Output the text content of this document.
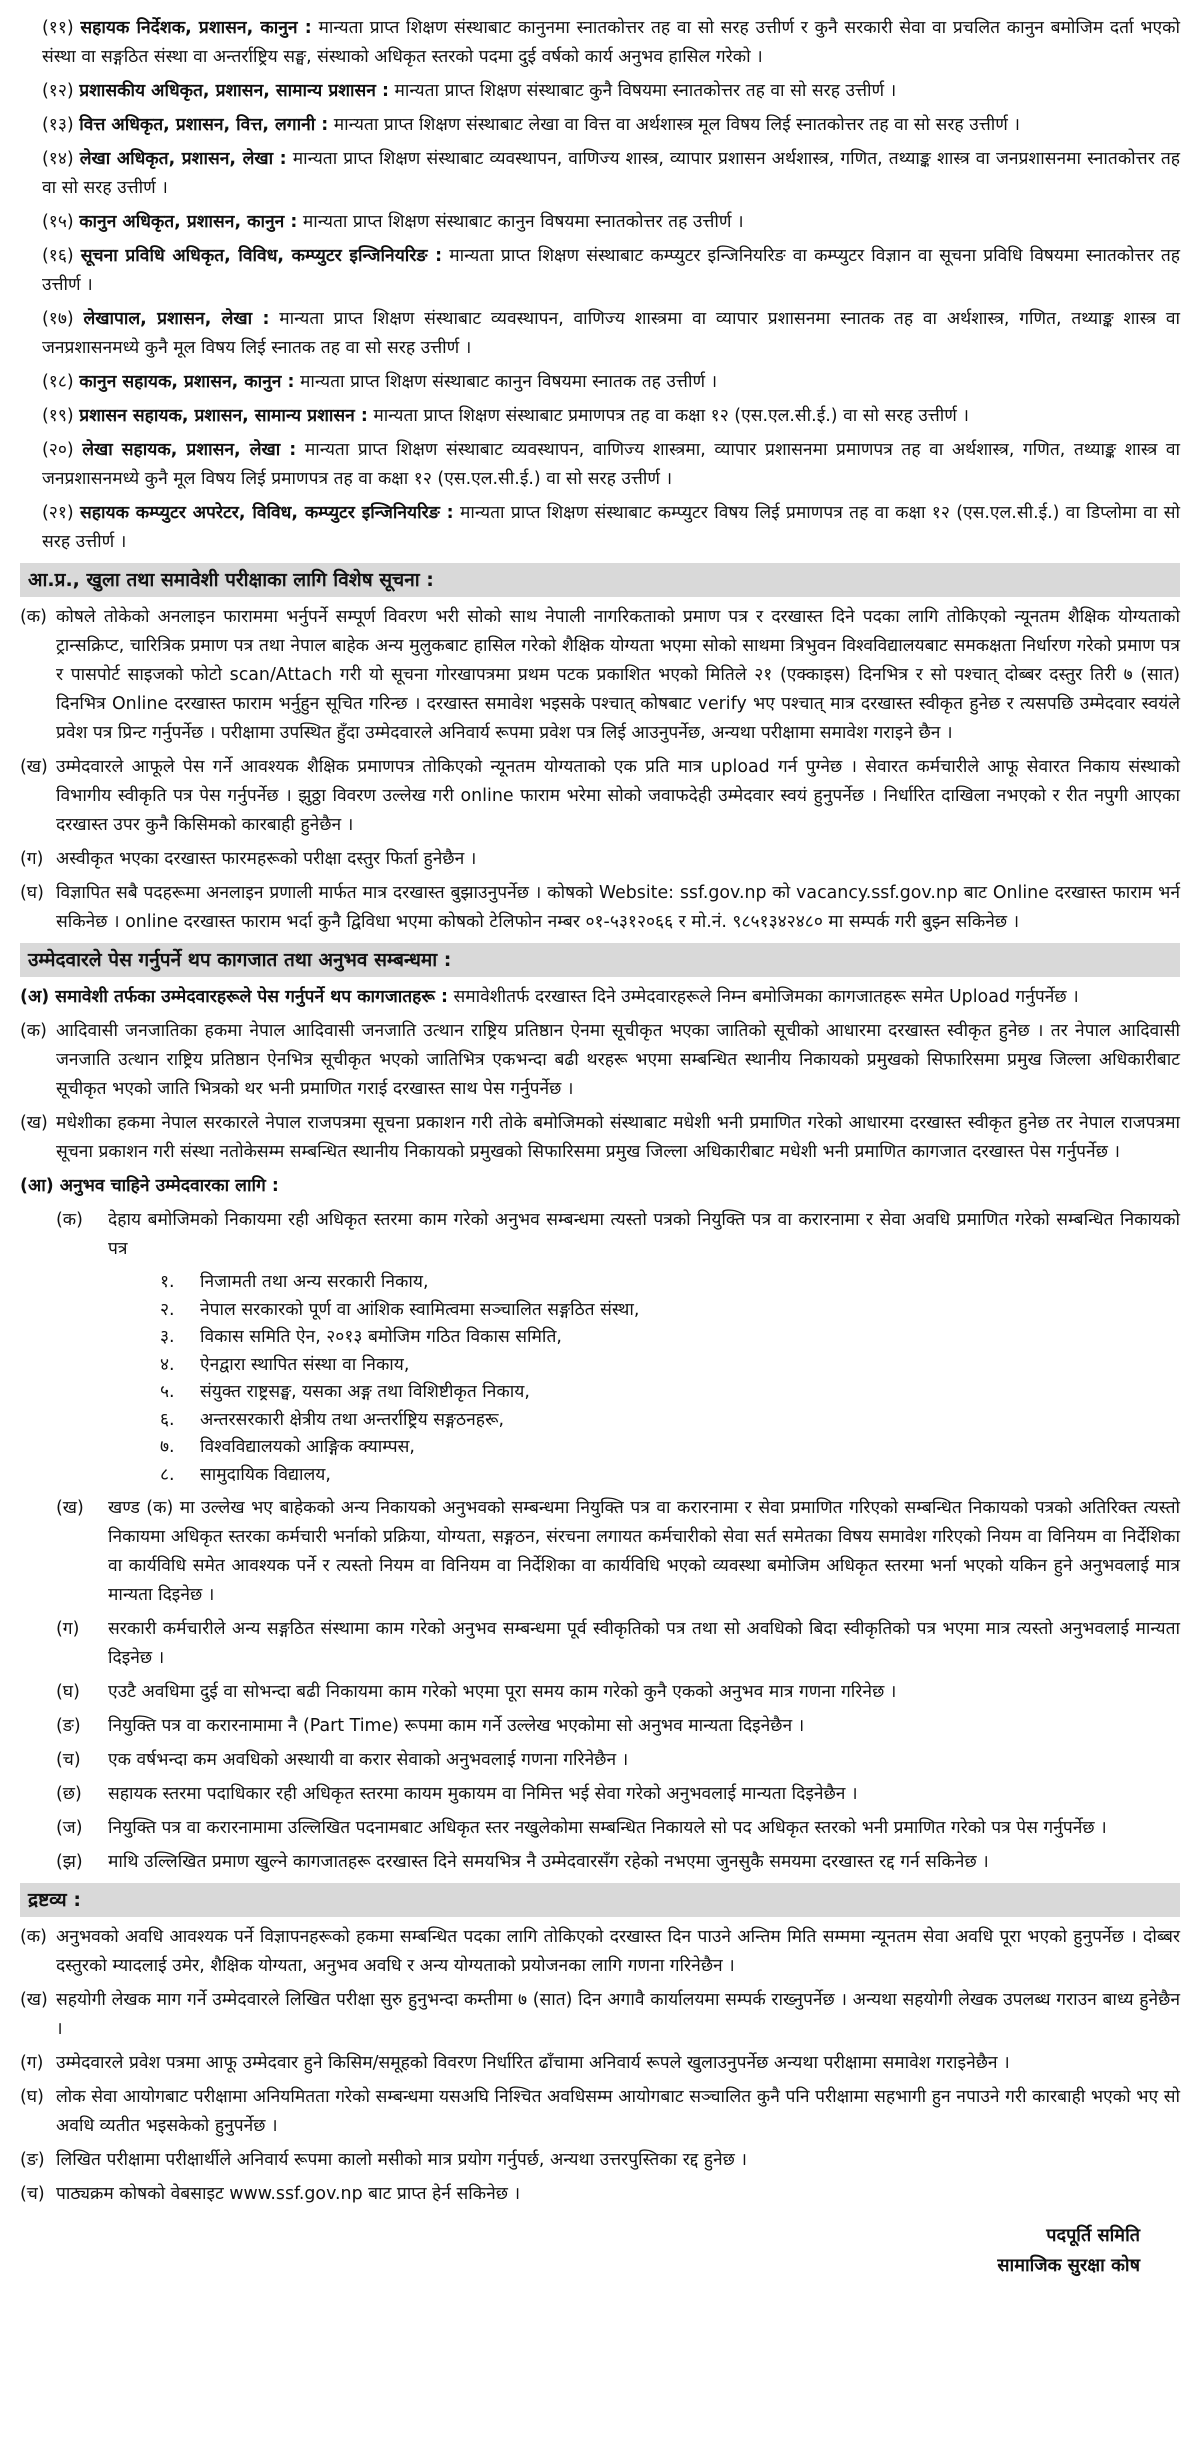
(११) सहायक निर्देशक, प्रशासन, कानुन : मान्यता प्राप्त शिक्षण संस्थाबाट कानुनमा स्नातकोत्तर तह वा सो सरह उत्तीर्ण र कुनै सरकारी सेवा वा प्रचलित कानुन बमोजिम दर्ता भएको संस्था वा सङ्गठित संस्था वा अन्तर्राष्ट्रिय सङ्घ, संस्थाको अधिकृत स्तरको पदमा दुई वर्षको कार्य अनुभव हासिल गरेको ।
(१२) प्रशासकीय अधिकृत, प्रशासन, सामान्य प्रशासन : मान्यता प्राप्त शिक्षण संस्थाबाट कुनै विषयमा स्नातकोत्तर तह वा सो सरह उत्तीर्ण ।
(१३) वित्त अधिकृत, प्रशासन, वित्त, लगानी : मान्यता प्राप्त शिक्षण संस्थाबाट लेखा वा वित्त वा अर्थशास्त्र मूल विषय लिई स्नातकोत्तर तह वा सो सरह उत्तीर्ण ।
(१४) लेखा अधिकृत, प्रशासन, लेखा : मान्यता प्राप्त शिक्षण संस्थाबाट व्यवस्थापन, वाणिज्य शास्त्र, व्यापार प्रशासन अर्थशास्त्र, गणित, तथ्याङ्क शास्त्र वा जनप्रशासनमा स्नातकोत्तर तह वा सो सरह उत्तीर्ण ।
(१५) कानुन अधिकृत, प्रशासन, कानुन : मान्यता प्राप्त शिक्षण संस्थाबाट कानुन विषयमा स्नातकोत्तर तह उत्तीर्ण ।
(१६) सूचना प्रविधि अधिकृत, विविध, कम्प्युटर इन्जिनियरिङ : मान्यता प्राप्त शिक्षण संस्थाबाट कम्प्युटर इन्जिनियरिङ वा कम्प्युटर विज्ञान वा सूचना प्रविधि विषयमा स्नातकोत्तर तह उत्तीर्ण ।
(१७) लेखापाल, प्रशासन, लेखा : मान्यता प्राप्त शिक्षण संस्थाबाट व्यवस्थापन, वाणिज्य शास्त्रमा वा व्यापार प्रशासनमा स्नातक तह वा अर्थशास्त्र, गणित, तथ्याङ्क शास्त्र वा जनप्रशासनमध्ये कुनै मूल विषय लिई स्नातक तह वा सो सरह उत्तीर्ण ।
(१८) कानुन सहायक, प्रशासन, कानुन : मान्यता प्राप्त शिक्षण संस्थाबाट कानुन विषयमा स्नातक तह उत्तीर्ण ।
(१९) प्रशासन सहायक, प्रशासन, सामान्य प्रशासन : मान्यता प्राप्त शिक्षण संस्थाबाट प्रमाणपत्र तह वा कक्षा १२ (एस.एल.सी.ई.) वा सो सरह उत्तीर्ण ।
(२०) लेखा सहायक, प्रशासन, लेखा : मान्यता प्राप्त शिक्षण संस्थाबाट व्यवस्थापन, वाणिज्य शास्त्रमा, व्यापार प्रशासनमा प्रमाणपत्र तह वा अर्थशास्त्र, गणित, तथ्याङ्क शास्त्र वा जनप्रशासनमध्ये कुनै मूल विषय लिई प्रमाणपत्र तह वा कक्षा १२ (एस.एल.सी.ई.) वा सो सरह उत्तीर्ण ।
(२१) सहायक कम्प्युटर अपरेटर, विविध, कम्प्युटर इन्जिनियरिङ : मान्यता प्राप्त शिक्षण संस्थाबाट कम्प्युटर विषय लिई प्रमाणपत्र तह वा कक्षा १२ (एस.एल.सी.ई.) वा डिप्लोमा वा सो सरह उत्तीर्ण ।
आ.प्र., खुला तथा समावेशी परीक्षाका लागि विशेष सूचना :
(क) कोषले तोकेको अनलाइन फाराममा भर्नुपर्ने सम्पूर्ण विवरण भरी सोको साथ नेपाली नागरिकताको प्रमाण पत्र र दरखास्त दिने पदका लागि तोकिएको न्यूनतम शैक्षिक योग्यताको ट्रान्सक्रिप्ट, चारित्रिक प्रमाण पत्र तथा नेपाल बाहेक अन्य मुलुकबाट हासिल गरेको शैक्षिक योग्यता भएमा सोको साथमा त्रिभुवन विश्वविद्यालयबाट समकक्षता निर्धारण गरेको प्रमाण पत्र र पासपोर्ट साइजको फोटो scan/Attach गरी यो सूचना गोरखापत्रमा प्रथम पटक प्रकाशित भएको मितिले २१ (एक्काइस) दिनभित्र र सो पश्चात् दोब्बर दस्तुर तिरी ७ (सात) दिनभित्र Online दरखास्त फाराम भर्नुहुन सूचित गरिन्छ । दरखास्त समावेश भइसके पश्चात् कोषबाट verify भए पश्चात् मात्र दरखास्त स्वीकृत हुनेछ र त्यसपछि उम्मेदवार स्वयंले प्रवेश पत्र प्रिन्ट गर्नुपर्नेछ । परीक्षामा उपस्थित हुँदा उम्मेदवारले अनिवार्य रूपमा प्रवेश पत्र लिई आउनुपर्नेछ, अन्यथा परीक्षामा समावेश गराइने छैन ।
(ख) उम्मेदवारले आफूले पेस गर्ने आवश्यक शैक्षिक प्रमाणपत्र तोकिएको न्यूनतम योग्यताको एक प्रति मात्र upload गर्न पुग्नेछ । सेवारत कर्मचारीले आफू सेवारत निकाय संस्थाको विभागीय स्वीकृति पत्र पेस गर्नुपर्नेछ । झुठ्ठा विवरण उल्लेख गरी online फाराम भरेमा सोको जवाफदेही उम्मेदवार स्वयं हुनुपर्नेछ । निर्धारित दाखिला नभएको र रीत नपुगी आएका दरखास्त उपर कुनै किसिमको कारबाही हुनेछैन ।
(ग) अस्वीकृत भएका दरखास्त फारमहरूको परीक्षा दस्तुर फिर्ता हुनेछैन ।
(घ) विज्ञापित सबै पदहरूमा अनलाइन प्रणाली मार्फत मात्र दरखास्त बुझाउनुपर्नेछ । कोषको Website: ssf.gov.np को vacancy.ssf.gov.np बाट Online दरखास्त फाराम भर्न सकिनेछ । online दरखास्त फाराम भर्दा कुनै द्विविधा भएमा कोषको टेलिफोन नम्बर ०१-५३१२०६६ र मो.नं. ९८५१३४२४८० मा सम्पर्क गरी बुझ्न सकिनेछ ।
उम्मेदवारले पेस गर्नुपर्ने थप कागजात तथा अनुभव सम्बन्धमा :
(अ) समावेशी तर्फका उम्मेदवारहरूले पेस गर्नुपर्ने थप कागजातहरू : समावेशीतर्फ दरखास्त दिने उम्मेदवारहरूले निम्न बमोजिमका कागजातहरू समेत Upload गर्नुपर्नेछ ।
(क) आदिवासी जनजातिका हकमा नेपाल आदिवासी जनजाति उत्थान राष्ट्रिय प्रतिष्ठान ऐनमा सूचीकृत भएका जातिको सूचीको आधारमा दरखास्त स्वीकृत हुनेछ । तर नेपाल आदिवासी जनजाति उत्थान राष्ट्रिय प्रतिष्ठान ऐनभित्र सूचीकृत भएको जातिभित्र एकभन्दा बढी थरहरू भएमा सम्बन्धित स्थानीय निकायको प्रमुखको सिफारिसमा प्रमुख जिल्ला अधिकारीबाट सूचीकृत भएको जाति भित्रको थर भनी प्रमाणित गराई दरखास्त साथ पेस गर्नुपर्नेछ ।
(ख) मधेशीका हकमा नेपाल सरकारले नेपाल राजपत्रमा सूचना प्रकाशन गरी तोके बमोजिमको संस्थाबाट मधेशी भनी प्रमाणित गरेको आधारमा दरखास्त स्वीकृत हुनेछ तर नेपाल राजपत्रमा सूचना प्रकाशन गरी संस्था नतोकेसम्म सम्बन्धित स्थानीय निकायको प्रमुखको सिफारिसमा प्रमुख जिल्ला अधिकारीबाट मधेशी भनी प्रमाणित कागजात दरखास्त पेस गर्नुपर्नेछ ।
(आ) अनुभव चाहिने उम्मेदवारका लागि :
(क)	देहाय बमोजिमको निकायमा रही अधिकृत स्तरमा काम गरेको अनुभव सम्बन्धमा त्यस्तो पत्रको नियुक्ति पत्र वा करारनामा र सेवा अवधि प्रमाणित गरेको सम्बन्धित निकायको पत्र
१.	निजामती तथा अन्य सरकारी निकाय,
२.	नेपाल सरकारको पूर्ण वा आंशिक स्वामित्वमा सञ्चालित सङ्गठित संस्था,
३.	विकास समिति ऐन, २०१३ बमोजिम गठित विकास समिति,
४.	ऐनद्वारा स्थापित संस्था वा निकाय,
५.	संयुक्त राष्ट्रसङ्घ, यसका अङ्ग तथा विशिष्टीकृत निकाय,
६.	अन्तरसरकारी क्षेत्रीय तथा अन्तर्राष्ट्रिय सङ्गठनहरू,
७.	विश्वविद्यालयको आङ्गिक क्याम्पस,
८.	सामुदायिक विद्यालय,
(ख)	खण्ड (क) मा उल्लेख भए बाहेकको अन्य निकायको अनुभवको सम्बन्धमा नियुक्ति पत्र वा करारनामा र सेवा प्रमाणित गरिएको सम्बन्धित निकायको पत्रको अतिरिक्त त्यस्तो निकायमा अधिकृत स्तरका कर्मचारी भर्नाको प्रक्रिया, योग्यता, सङ्गठन, संरचना लगायत कर्मचारीको सेवा सर्त समेतका विषय समावेश गरिएको नियम वा विनियम वा निर्देशिका वा कार्यविधि समेत आवश्यक पर्ने र त्यस्तो नियम वा विनियम वा निर्देशिका वा कार्यविधि भएको व्यवस्था बमोजिम अधिकृत स्तरमा भर्ना भएको यकिन हुने अनुभवलाई मात्र मान्यता दिइनेछ ।
(ग)	सरकारी कर्मचारीले अन्य सङ्गठित संस्थामा काम गरेको अनुभव सम्बन्धमा पूर्व स्वीकृतिको पत्र तथा सो अवधिको बिदा स्वीकृतिको पत्र भएमा मात्र त्यस्तो अनुभवलाई मान्यता दिइनेछ ।
(घ)	एउटै अवधिमा दुई वा सोभन्दा बढी निकायमा काम गरेको भएमा पूरा समय काम गरेको कुनै एकको अनुभव मात्र गणना गरिनेछ ।
(ङ)	नियुक्ति पत्र वा करारनामामा नै (Part Time) रूपमा काम गर्ने उल्लेख भएकोमा सो अनुभव मान्यता दिइनेछैन ।
(च)	एक वर्षभन्दा कम अवधिको अस्थायी वा करार सेवाको अनुभवलाई गणना गरिनेछैन ।
(छ)	सहायक स्तरमा पदाधिकार रही अधिकृत स्तरमा कायम मुकायम वा निमित्त भई सेवा गरेको अनुभवलाई मान्यता दिइनेछैन ।
(ज)	नियुक्ति पत्र वा करारनामामा उल्लिखित पदनामबाट अधिकृत स्तर नखुलेकोमा सम्बन्धित निकायले सो पद अधिकृत स्तरको भनी प्रमाणित गरेको पत्र पेस गर्नुपर्नेछ ।
(झ)	माथि उल्लिखित प्रमाण खुल्ने कागजातहरू दरखास्त दिने समयभित्र नै उम्मेदवारसँग रहेको नभएमा जुनसुकै समयमा दरखास्त रद्द गर्न सकिनेछ ।
द्रष्टव्य :
(क) अनुभवको अवधि आवश्यक पर्ने विज्ञापनहरूको हकमा सम्बन्धित पदका लागि तोकिएको दरखास्त दिन पाउने अन्तिम मिति सम्ममा न्यूनतम सेवा अवधि पूरा भएको हुनुपर्नेछ । दोब्बर दस्तुरको म्यादलाई उमेर, शैक्षिक योग्यता, अनुभव अवधि र अन्य योग्यताको प्रयोजनका लागि गणना गरिनेछैन ।
(ख) सहयोगी लेखक माग गर्ने उम्मेदवारले लिखित परीक्षा सुरु हुनुभन्दा कम्तीमा ७ (सात) दिन अगावै कार्यालयमा सम्पर्क राख्नुपर्नेछ । अन्यथा सहयोगी लेखक उपलब्ध गराउन बाध्य हुनेछैन ।
(ग) उम्मेदवारले प्रवेश पत्रमा आफू उम्मेदवार हुने किसिम/समूहको विवरण निर्धारित ढाँचामा अनिवार्य रूपले खुलाउनुपर्नेछ अन्यथा परीक्षामा समावेश गराइनेछैन ।
(घ) लोक सेवा आयोगबाट परीक्षामा अनियमितता गरेको सम्बन्धमा यसअघि निश्चित अवधिसम्म आयोगबाट सञ्चालित कुनै पनि परीक्षामा सहभागी हुन नपाउने गरी कारबाही भएको भए सो अवधि व्यतीत भइसकेको हुनुपर्नेछ ।
(ङ) लिखित परीक्षामा परीक्षार्थीले अनिवार्य रूपमा कालो मसीको मात्र प्रयोग गर्नुपर्छ, अन्यथा उत्तरपुस्तिका रद्द हुनेछ ।
(च) पाठ्यक्रम कोषको वेबसाइट www.ssf.gov.np बाट प्राप्त हेर्न सकिनेछ ।
पदपूर्ति समिति
सामाजिक सुरक्षा कोष
